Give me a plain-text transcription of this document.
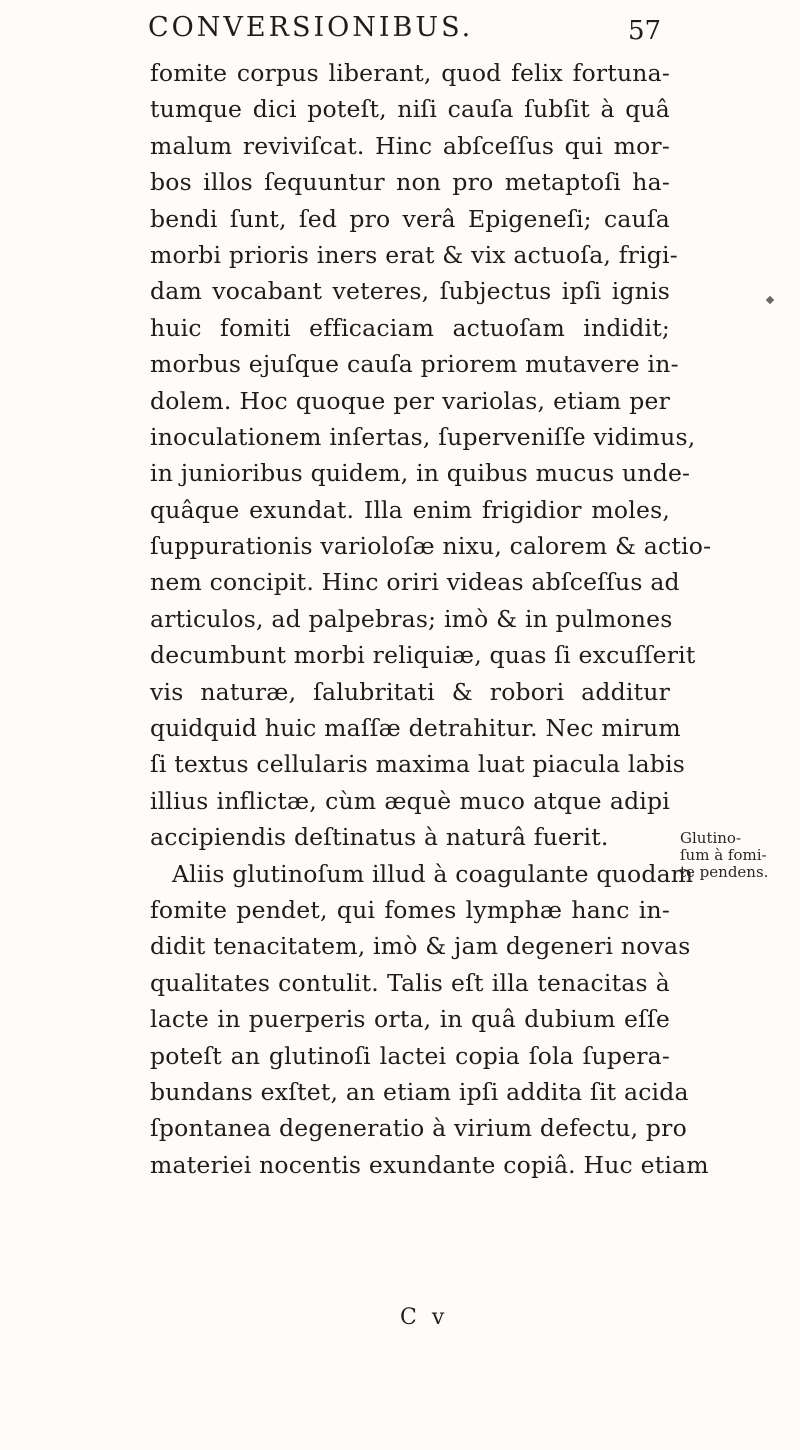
CONVERSIONIBUS.	57
fomite corpus liberant, quod felix fortuna-
tumque dici poteſt, niſi cauſa ſubſit à quâ
malum reviviſcat. Hinc abſceſſus qui mor-
bos illos ſequuntur non pro metaptoſi ha-
bendi ſunt, ſed pro verâ Epigeneſi; cauſa
morbi prioris iners erat & vix actuoſa, frigi-
dam vocabant veteres, ſubjectus ipſi ignis
huic fomiti efficaciam actuoſam indidit;
morbus ejuſque cauſa priorem mutavere in-
dolem. Hoc quoque per variolas, etiam per
inoculationem inſertas, ſuperveniſſe vidimus,
in junioribus quidem, in quibus mucus unde-
quâque exundat. Illa enim frigidior moles,
ſuppurationis varioloſæ nixu, calorem & actio-
nem concipit. Hinc oriri videas abſceſſus ad
articulos, ad palpebras; imò & in pulmones
decumbunt morbi reliquiæ, quas ſi excuſſerit
vis naturæ, ſalubritati & robori additur
quidquid huic maſſæ detrahitur. Nec mirum
ſi textus cellularis maxima luat piacula labis
illius inflictæ, cùm æquè muco atque adipi
accipiendis deſtinatus à naturâ fuerit.
Aliis glutinoſum illud à coagulante quodam
fomite pendet, qui fomes lymphæ hanc in-
didit tenacitatem, imò & jam degeneri novas
qualitates contulit. Talis eſt illa tenacitas à
lacte in puerperis orta, in quâ dubium eſſe
poteſt an glutinoſi lactei copia ſola ſupera-
bundans exſtet, an etiam ipſi addita ſit acida
ſpontanea degeneratio à virium defectu, pro
materiei nocentis exundante copiâ. Huc etiam
Glutino-
ſum à fomi-
te pendens.
C v
